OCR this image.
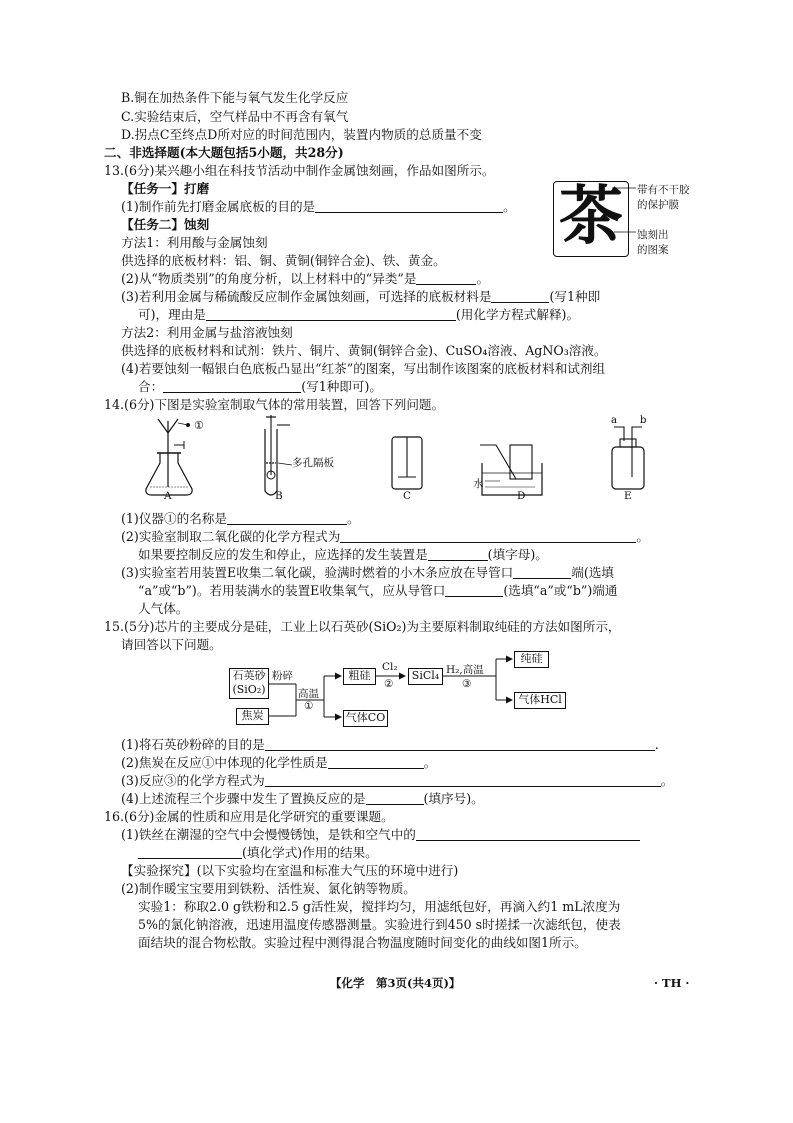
B.铜在加热条件下能与氧气发生化学反应
C.实验结束后，空气样品中不再含有氧气
D.拐点C至终点D所对应的时间范围内，装置内物质的总质量不变
二、非选择题(本大题包括5小题，共28分)
13.(6分)某兴趣小组在科技节活动中制作金属蚀刻画，作品如图所示。
【任务一】打磨
(1)制作前先打磨金属底板的目的是	。
【任务二】蚀刻
方法1：利用酸与金属蚀刻
供选择的底板材料：铝、铜、黄铜(铜锌合金)、铁、黄金。
(2)从“物质类别”的角度分析，以上材料中的“异类”是	。
(3)若利用金属与稀硫酸反应制作金属蚀刻画，可选择的底板材料是	(写1种即
可)，理由是	(用化学方程式解释)。
方法2：利用金属与盐溶液蚀刻
供选择的底板材料和试剂：铁片、铜片、黄铜(铜锌合金)、CuSO₄溶液、AgNO₃溶液。
(4)若要蚀刻一幅银白色底板凸显出“红茶”的图案，写出制作该图案的底板材料和试剂组
合：	(写1种即可)。
茶	带有不干胶
的保护膜
蚀刻出
的图案
14.(6分)下图是实验室制取气体的常用装置，回答下列问题。
①	a b
多孔隔板
水
A	B	C	D	E
(1)仪器①的名称是	。
(2)实验室制取二氧化碳的化学方程式为	。
如果要控制反应的发生和停止，应选择的发生装置是	(填字母)。
(3)实验室若用装置E收集二氧化碳，验满时燃着的小木条应放在导管口	端(选填
“a”或“b”)。若用装满水的装置E收集氧气，应从导管口	(选填“a”或“b”)端通
人气体。
15.(5分)芯片的主要成分是硅，工业上以石英砂(SiO₂)为主要原料制取纯硅的方法如图所示，
请回答以下问题。
石英砂
(SiO₂)
焦炭
粉碎
高温
①
粗硅
气体CO
Cl₂
②
SiCl₄ H₂,高温
③
纯硅
气体HCl
(1)将石英砂粉碎的目的是	.
(2)焦炭在反应①中体现的化学性质是	。
(3)反应③的化学方程式为	。
(4)上述流程三个步骤中发生了置换反应的是	(填序号)。
16.(6分)金属的性质和应用是化学研究的重要课题。
(1)铁丝在潮湿的空气中会慢慢锈蚀，是铁和空气中的
(填化学式)作用的结果。
【实验探究】(以下实验均在室温和标准大气压的环境中进行)
(2)制作暖宝宝要用到铁粉、活性炭、氯化钠等物质。
实验1：称取2.0 g铁粉和2.5 g活性炭，搅拌均匀，用滤纸包好，再滴入约1 mL浓度为
5%的氯化钠溶液，迅速用温度传感器测量。实验进行到450 s时搓揉一次滤纸包，使表
面结块的混合物松散。实验过程中测得混合物温度随时间变化的曲线如图1所示。
【化学　第3页(共4页)】	· TH ·
